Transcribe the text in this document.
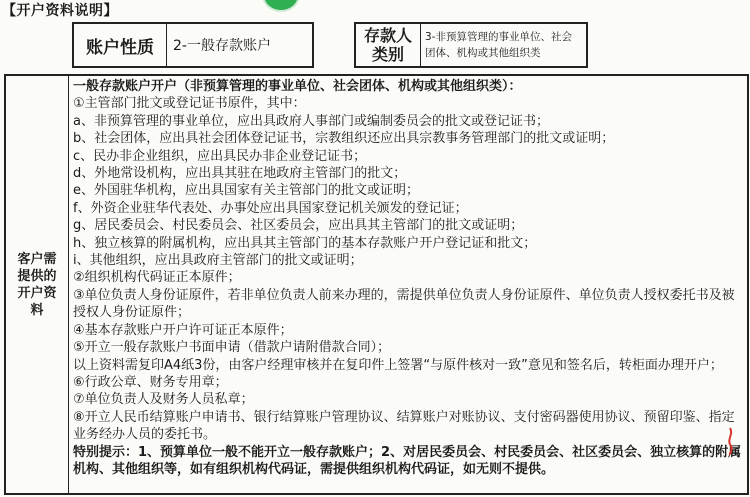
【开户资料说明】
账户性质	2-一般存款账户
存款人类别
3-非预算管理的事业单位、社会团体、机构或其他组织类
客户需提供的开户资料

一般存款账户开户（非预算管理的事业单位、社会团体、机构或其他组织类）：

①主管部门批文或登记证书原件，其中：

a、非预算管理的事业单位，应出具政府人事部门或编制委员会的批文或登记证书；

b、社会团体，应出具社会团体登记证书，宗教组织还应出具宗教事务管理部门的批文或证明；

c、民办非企业组织，应出具民办非企业登记证书；

d、外地常设机构，应出具其驻在地政府主管部门的批文；

e、外国驻华机构，应出具国家有关主管部门的批文或证明；

f、外资企业驻华代表处、办事处应出具国家登记机关颁发的登记证；

g、居民委员会、村民委员会、社区委员会，应出具其主管部门的批文或证明；

h、独立核算的附属机构，应出具其主管部门的基本存款账户开户登记证和批文；

i、其他组织，应出具政府主管部门的批文或证明；

②组织机构代码证正本原件；

③单位负责人身份证原件，若非单位负责人前来办理的，需提供单位负责人身份证原件、单位负责人授权委托书及被授权人身份证原件；

④基本存款账户开户许可证正本原件；

⑤开立一般存款账户书面申请（借款户请附借款合同）；

以上资料需复印A4纸3份，由客户经理审核并在复印件上签署“与原件核对一致”意见和签名后，转柜面办理开户；

⑥行政公章、财务专用章；

⑦单位负责人及财务人员私章；

⑧开立人民币结算账户申请书、银行结算账户管理协议、结算账户对账协议、支付密码器使用协议、预留印鉴、指定业务经办人员的委托书。

特别提示：1、预算单位一般不能开立一般存款账户；2、对居民委员会、村民委员会、社区委员会、独立核算的附属机构、其他组织等，如有组织机构代码证，需提供组织机构代码证，如无则不提供。
